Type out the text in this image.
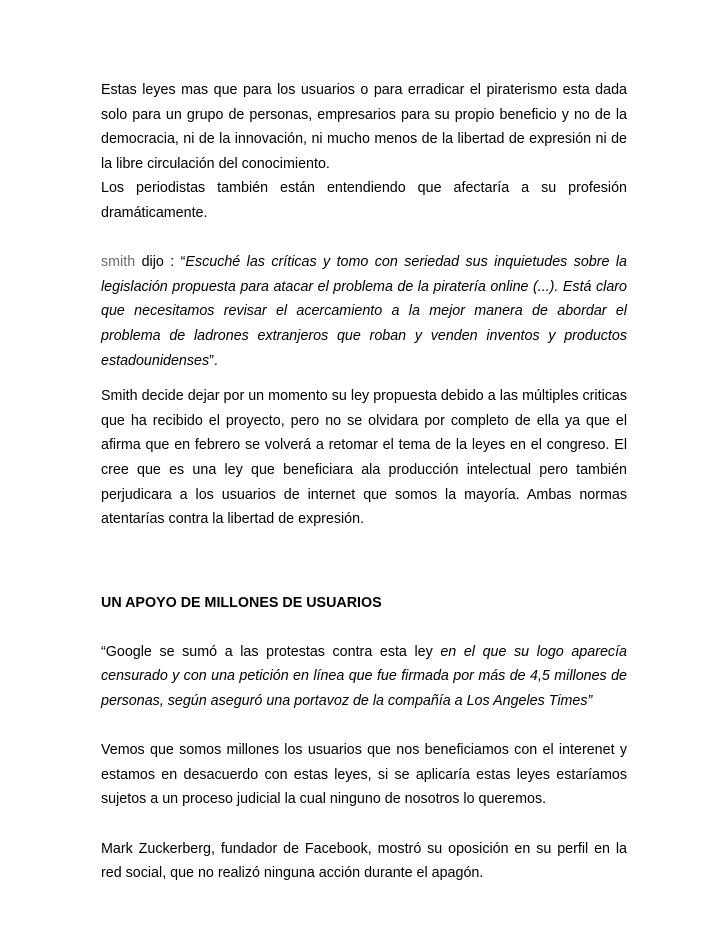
Estas leyes mas que para los usuarios o para erradicar el piraterismo esta dada solo para un grupo de personas, empresarios para su propio beneficio y no de la democracia, ni de la innovación, ni mucho menos de la libertad de expresión ni de la libre circulación del conocimiento.

Los periodistas también están entendiendo que afectaría a su profesión dramáticamente.

smith dijo : “Escuché las críticas y tomo con seriedad sus inquietudes sobre la legislación propuesta para atacar el problema de la piratería online (...). Está claro que necesitamos revisar el acercamiento a la mejor manera de abordar el problema de ladrones extranjeros que roban y venden inventos y productos estadounidenses”.

Smith decide dejar por un momento su ley propuesta debido a las múltiples criticas que ha recibido el proyecto, pero no se olvidara por completo de ella ya que el afirma que en febrero se volverá a retomar el tema de la leyes en el congreso. El cree que es una ley que beneficiara ala producción intelectual pero también perjudicara a los usuarios de internet que somos la mayoría. Ambas normas atentarías contra la libertad de expresión.

UN APOYO DE MILLONES DE USUARIOS

“Google se sumó a las protestas contra esta ley en el que su logo aparecía censurado y con una petición en línea que fue firmada por más de 4,5 millones de personas, según aseguró una portavoz de la compañía a Los Angeles Times”

Vemos que somos millones los usuarios que nos beneficiamos con el interenet y estamos en desacuerdo con estas leyes, si se aplicaría estas leyes estaríamos sujetos a un proceso judicial la cual ninguno de nosotros lo queremos.

Mark Zuckerberg, fundador de Facebook, mostró su oposición en su perfil en la red social, que no realizó ninguna acción durante el apagón.
